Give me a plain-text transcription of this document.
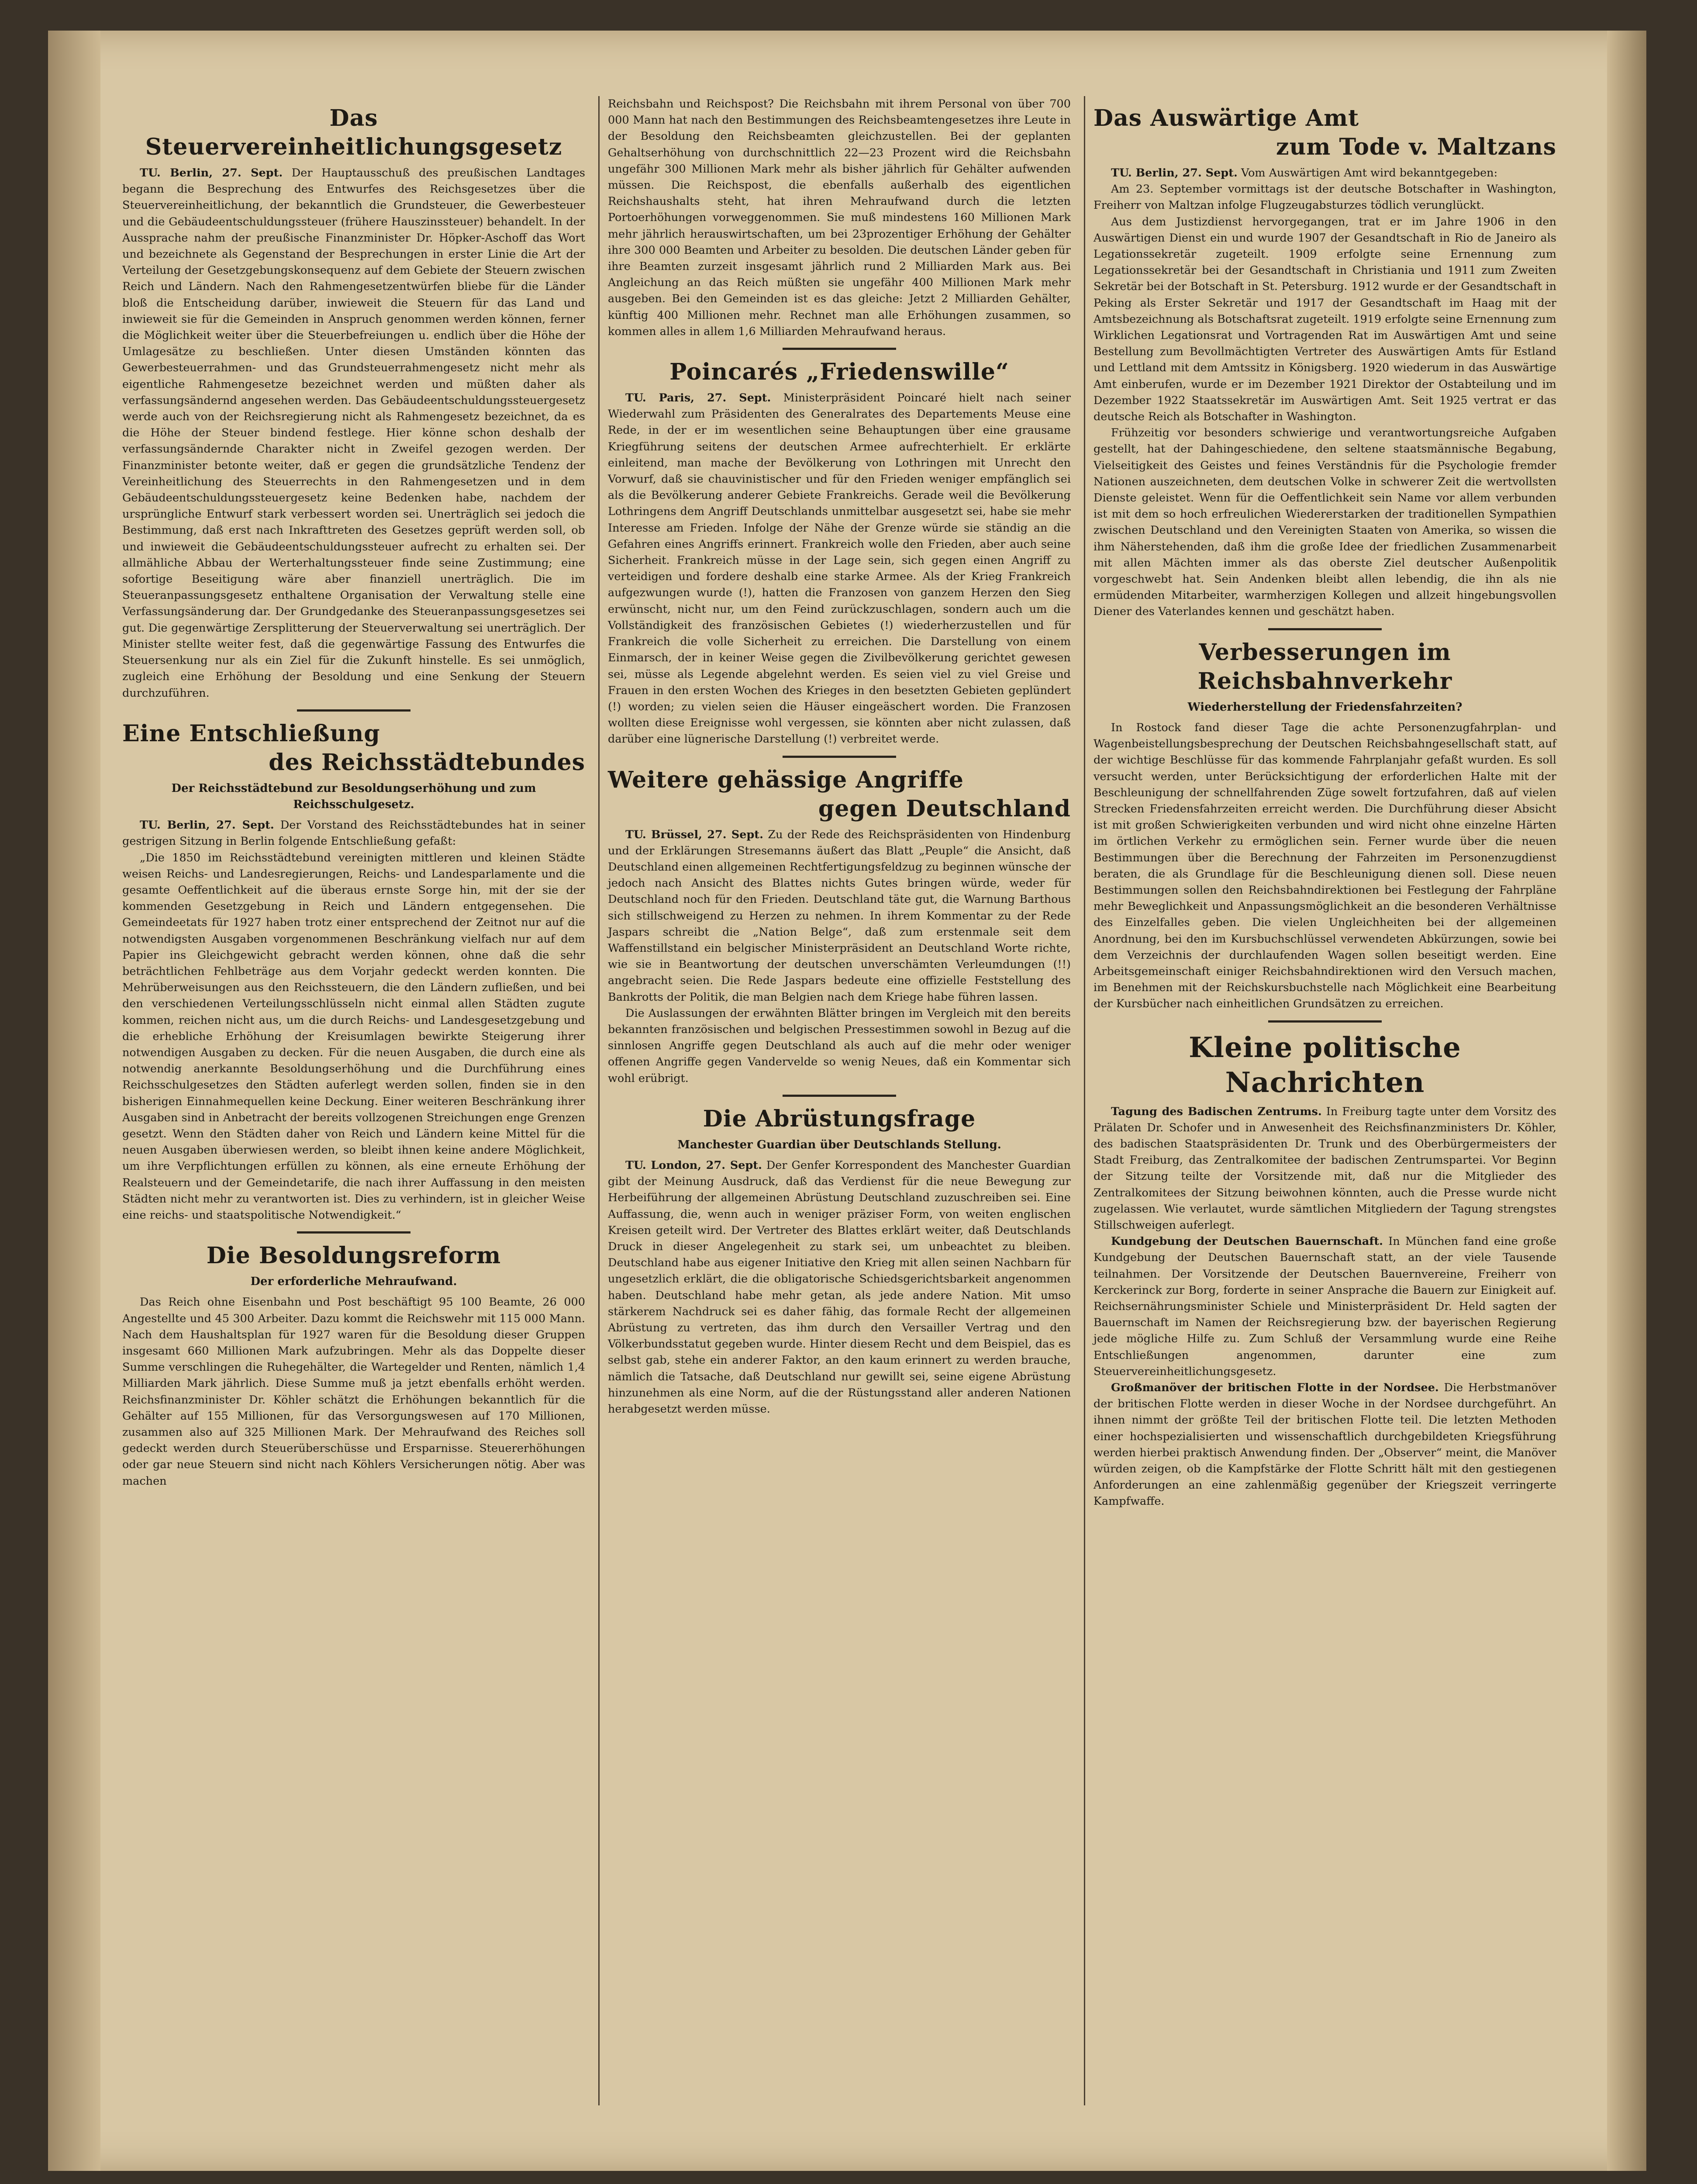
Das Steuervereinheitlichungsgesetz

TU. Berlin, 27. Sept. Der Hauptausschuß des preußischen Landtages begann die Besprechung des Entwurfes des Reichsgesetzes über die Steuervereinheitlichung, der bekanntlich die Grundsteuer, die Gewerbesteuer und die Gebäudeentschuldungssteuer (frühere Hauszinssteuer) behandelt. In der Aussprache nahm der preußische Finanzminister Dr. Höpker-Aschoff das Wort und bezeichnete als Gegenstand der Besprechungen in erster Linie die Art der Verteilung der Gesetzgebungskonsequenz auf dem Gebiete der Steuern zwischen Reich und Ländern. Nach den Rahmengesetzentwürfen bliebe für die Länder bloß die Entscheidung darüber, inwieweit die Steuern für das Land und inwieweit sie für die Gemeinden in Anspruch genommen werden können, ferner die Möglichkeit weiter über die Steuerbefreiungen u. endlich über die Höhe der Umlagesätze zu beschließen. Unter diesen Umständen könnten das Gewerbesteuerrahmen- und das Grundsteuerrahmengesetz nicht mehr als eigentliche Rahmengesetze bezeichnet werden und müßten daher als verfassungsändernd angesehen werden. Das Gebäudeentschuldungssteuergesetz werde auch von der Reichsregierung nicht als Rahmengesetz bezeichnet, da es die Höhe der Steuer bindend festlege. Hier könne schon deshalb der verfassungsändernde Charakter nicht in Zweifel gezogen werden. Der Finanzminister betonte weiter, daß er gegen die grundsätzliche Tendenz der Vereinheitlichung des Steuerrechts in den Rahmengesetzen und in dem Gebäudeentschuldungssteuergesetz keine Bedenken habe, nachdem der ursprüngliche Entwurf stark verbessert worden sei. Unerträglich sei jedoch die Bestimmung, daß erst nach Inkrafttreten des Gesetzes geprüft werden soll, ob und inwieweit die Gebäudeentschuldungssteuer aufrecht zu erhalten sei. Der allmähliche Abbau der Werterhaltungssteuer finde seine Zustimmung; eine sofortige Beseitigung wäre aber finanziell unerträglich. Die im Steueranpassungsgesetz enthaltene Organisation der Verwaltung stelle eine Verfassungsänderung dar. Der Grundgedanke des Steueranpassungsgesetzes sei gut. Die gegenwärtige Zersplitterung der Steuerverwaltung sei unerträglich. Der Minister stellte weiter fest, daß die gegenwärtige Fassung des Entwurfes die Steuersenkung nur als ein Ziel für die Zukunft hinstelle. Es sei unmöglich, zugleich eine Erhöhung der Besoldung und eine Senkung der Steuern durchzuführen.

Eine Entschließung
des Reichsstädtebundes
Der Reichsstädtebund zur Besoldungserhöhung und zum Reichsschulgesetz.

TU. Berlin, 27. Sept. Der Vorstand des Reichsstädtebundes hat in seiner gestrigen Sitzung in Berlin folgende Entschließung gefaßt:

„Die 1850 im Reichsstädtebund vereinigten mittleren und kleinen Städte weisen Reichs- und Landesregierungen, Reichs- und Landesparlamente und die gesamte Oeffentlichkeit auf die überaus ernste Sorge hin, mit der sie der kommenden Gesetzgebung in Reich und Ländern entgegensehen. Die Gemeindeetats für 1927 haben trotz einer entsprechend der Zeitnot nur auf die notwendigsten Ausgaben vorgenommenen Beschränkung vielfach nur auf dem Papier ins Gleichgewicht gebracht werden können, ohne daß die sehr beträchtlichen Fehlbeträge aus dem Vorjahr gedeckt werden konnten. Die Mehrüberweisungen aus den Reichssteuern, die den Ländern zufließen, und bei den verschiedenen Verteilungsschlüsseln nicht einmal allen Städten zugute kommen, reichen nicht aus, um die durch Reichs- und Landesgesetzgebung und die erhebliche Erhöhung der Kreisumlagen bewirkte Steigerung ihrer notwendigen Ausgaben zu decken. Für die neuen Ausgaben, die durch eine als notwendig anerkannte Besoldungserhöhung und die Durchführung eines Reichsschulgesetzes den Städten auferlegt werden sollen, finden sie in den bisherigen Einnahmequellen keine Deckung. Einer weiteren Beschränkung ihrer Ausgaben sind in Anbetracht der bereits vollzogenen Streichungen enge Grenzen gesetzt. Wenn den Städten daher von Reich und Ländern keine Mittel für die neuen Ausgaben überwiesen werden, so bleibt ihnen keine andere Möglichkeit, um ihre Verpflichtungen erfüllen zu können, als eine erneute Erhöhung der Realsteuern und der Gemeindetarife, die nach ihrer Auffassung in den meisten Städten nicht mehr zu verantworten ist. Dies zu verhindern, ist in gleicher Weise eine reichs- und staatspolitische Notwendigkeit.“

Die Besoldungsreform
Der erforderliche Mehraufwand.

Das Reich ohne Eisenbahn und Post beschäftigt 95 100 Beamte, 26 000 Angestellte und 45 300 Arbeiter. Dazu kommt die Reichswehr mit 115 000 Mann. Nach dem Haushaltsplan für 1927 waren für die Besoldung dieser Gruppen insgesamt 660 Millionen Mark aufzubringen. Mehr als das Doppelte dieser Summe verschlingen die Ruhegehälter, die Wartegelder und Renten, nämlich 1,4 Milliarden Mark jährlich. Diese Summe muß ja jetzt ebenfalls erhöht werden. Reichsfinanzminister Dr. Köhler schätzt die Erhöhungen bekanntlich für die Gehälter auf 155 Millionen, für das Versorgungswesen auf 170 Millionen, zusammen also auf 325 Millionen Mark. Der Mehraufwand des Reiches soll gedeckt werden durch Steuerüberschüsse und Ersparnisse. Steuererhöhungen oder gar neue Steuern sind nicht nach Köhlers Versicherungen nötig. Aber was machen

Reichsbahn und Reichspost? Die Reichsbahn mit ihrem Personal von über 700 000 Mann hat nach den Bestimmungen des Reichsbeamtengesetzes ihre Leute in der Besoldung den Reichsbeamten gleichzustellen. Bei der geplanten Gehaltserhöhung von durchschnittlich 22—23 Prozent wird die Reichsbahn ungefähr 300 Millionen Mark mehr als bisher jährlich für Gehälter aufwenden müssen. Die Reichspost, die ebenfalls außerhalb des eigentlichen Reichshaushalts steht, hat ihren Mehraufwand durch die letzten Portoerhöhungen vorweggenommen. Sie muß mindestens 160 Millionen Mark mehr jährlich herauswirtschaften, um bei 23prozentiger Erhöhung der Gehälter ihre 300 000 Beamten und Arbeiter zu besolden. Die deutschen Länder geben für ihre Beamten zurzeit insgesamt jährlich rund 2 Milliarden Mark aus. Bei Angleichung an das Reich müßten sie ungefähr 400 Millionen Mark mehr ausgeben. Bei den Gemeinden ist es das gleiche: Jetzt 2 Milliarden Gehälter, künftig 400 Millionen mehr. Rechnet man alle Erhöhungen zusammen, so kommen alles in allem 1,6 Milliarden Mehraufwand heraus.

Poincarés „Friedenswille“

TU. Paris, 27. Sept. Ministerpräsident Poincaré hielt nach seiner Wiederwahl zum Präsidenten des Generalrates des Departements Meuse eine Rede, in der er im wesentlichen seine Behauptungen über eine grausame Kriegführung seitens der deutschen Armee aufrechterhielt. Er erklärte einleitend, man mache der Bevölkerung von Lothringen mit Unrecht den Vorwurf, daß sie chauvinistischer und für den Frieden weniger empfänglich sei als die Bevölkerung anderer Gebiete Frankreichs. Gerade weil die Bevölkerung Lothringens dem Angriff Deutschlands unmittelbar ausgesetzt sei, habe sie mehr Interesse am Frieden. Infolge der Nähe der Grenze würde sie ständig an die Gefahren eines Angriffs erinnert. Frankreich wolle den Frieden, aber auch seine Sicherheit. Frankreich müsse in der Lage sein, sich gegen einen Angriff zu verteidigen und fordere deshalb eine starke Armee. Als der Krieg Frankreich aufgezwungen wurde (!), hatten die Franzosen von ganzem Herzen den Sieg erwünscht, nicht nur, um den Feind zurückzuschlagen, sondern auch um die Vollständigkeit des französischen Gebietes (!) wiederherzustellen und für Frankreich die volle Sicherheit zu erreichen. Die Darstellung von einem Einmarsch, der in keiner Weise gegen die Zivilbevölkerung gerichtet gewesen sei, müsse als Legende abgelehnt werden. Es seien viel zu viel Greise und Frauen in den ersten Wochen des Krieges in den besetzten Gebieten geplündert (!) worden; zu vielen seien die Häuser eingeäschert worden. Die Franzosen wollten diese Ereignisse wohl vergessen, sie könnten aber nicht zulassen, daß darüber eine lügnerische Darstellung (!) verbreitet werde.

Weitere gehässige Angriffe
gegen Deutschland

TU. Brüssel, 27. Sept. Zu der Rede des Reichspräsidenten von Hindenburg und der Erklärungen Stresemanns äußert das Blatt „Peuple“ die Ansicht, daß Deutschland einen allgemeinen Rechtfertigungsfeldzug zu beginnen wünsche der jedoch nach Ansicht des Blattes nichts Gutes bringen würde, weder für Deutschland noch für den Frieden. Deutschland täte gut, die Warnung Barthous sich stillschweigend zu Herzen zu nehmen. In ihrem Kommentar zu der Rede Jaspars schreibt die „Nation Belge“, daß zum erstenmale seit dem Waffenstillstand ein belgischer Ministerpräsident an Deutschland Worte richte, wie sie in Beantwortung der deutschen unverschämten Verleumdungen (!!) angebracht seien. Die Rede Jaspars bedeute eine offizielle Feststellung des Bankrotts der Politik, die man Belgien nach dem Kriege habe führen lassen.

Die Auslassungen der erwähnten Blätter bringen im Vergleich mit den bereits bekannten französischen und belgischen Pressestimmen sowohl in Bezug auf die sinnlosen Angriffe gegen Deutschland als auch auf die mehr oder weniger offenen Angriffe gegen Vandervelde so wenig Neues, daß ein Kommentar sich wohl erübrigt.

Die Abrüstungsfrage
Manchester Guardian über Deutschlands Stellung.

TU. London, 27. Sept. Der Genfer Korrespondent des Manchester Guardian gibt der Meinung Ausdruck, daß das Verdienst für die neue Bewegung zur Herbeiführung der allgemeinen Abrüstung Deutschland zuzuschreiben sei. Eine Auffassung, die, wenn auch in weniger präziser Form, von weiten englischen Kreisen geteilt wird. Der Vertreter des Blattes erklärt weiter, daß Deutschlands Druck in dieser Angelegenheit zu stark sei, um unbeachtet zu bleiben. Deutschland habe aus eigener Initiative den Krieg mit allen seinen Nachbarn für ungesetzlich erklärt, die die obligatorische Schiedsgerichtsbarkeit angenommen haben. Deutschland habe mehr getan, als jede andere Nation. Mit umso stärkerem Nachdruck sei es daher fähig, das formale Recht der allgemeinen Abrüstung zu vertreten, das ihm durch den Versailler Vertrag und den Völkerbundsstatut gegeben wurde. Hinter diesem Recht und dem Beispiel, das es selbst gab, stehe ein anderer Faktor, an den kaum erinnert zu werden brauche, nämlich die Tatsache, daß Deutschland nur gewillt sei, seine eigene Abrüstung hinzunehmen als eine Norm, auf die der Rüstungsstand aller anderen Nationen herabgesetzt werden müsse.

Das Auswärtige Amt
zum Tode v. Maltzans

TU. Berlin, 27. Sept. Vom Auswärtigen Amt wird bekanntgegeben:

Am 23. September vormittags ist der deutsche Botschafter in Washington, Freiherr von Maltzan infolge Flugzeugabsturzes tödlich verunglückt.

Aus dem Justizdienst hervorgegangen, trat er im Jahre 1906 in den Auswärtigen Dienst ein und wurde 1907 der Gesandtschaft in Rio de Janeiro als Legationssekretär zugeteilt. 1909 erfolgte seine Ernennung zum Legationssekretär bei der Gesandtschaft in Christiania und 1911 zum Zweiten Sekretär bei der Botschaft in St. Petersburg. 1912 wurde er der Gesandtschaft in Peking als Erster Sekretär und 1917 der Gesandtschaft im Haag mit der Amtsbezeichnung als Botschaftsrat zugeteilt. 1919 erfolgte seine Ernennung zum Wirklichen Legationsrat und Vortragenden Rat im Auswärtigen Amt und seine Bestellung zum Bevollmächtigten Vertreter des Auswärtigen Amts für Estland und Lettland mit dem Amtssitz in Königsberg. 1920 wiederum in das Auswärtige Amt einberufen, wurde er im Dezember 1921 Direktor der Ostabteilung und im Dezember 1922 Staatssekretär im Auswärtigen Amt. Seit 1925 vertrat er das deutsche Reich als Botschafter in Washington.

Frühzeitig vor besonders schwierige und verantwortungsreiche Aufgaben gestellt, hat der Dahingeschiedene, den seltene staatsmännische Begabung, Vielseitigkeit des Geistes und feines Verständnis für die Psychologie fremder Nationen auszeichneten, dem deutschen Volke in schwerer Zeit die wertvollsten Dienste geleistet. Wenn für die Oeffentlichkeit sein Name vor allem verbunden ist mit dem so hoch erfreulichen Wiedererstarken der traditionellen Sympathien zwischen Deutschland und den Vereinigten Staaten von Amerika, so wissen die ihm Näherstehenden, daß ihm die große Idee der friedlichen Zusammenarbeit mit allen Mächten immer als das oberste Ziel deutscher Außenpolitik vorgeschwebt hat. Sein Andenken bleibt allen lebendig, die ihn als nie ermüdenden Mitarbeiter, warmherzigen Kollegen und allzeit hingebungsvollen Diener des Vaterlandes kennen und geschätzt haben.

Verbesserungen im Reichsbahnverkehr
Wiederherstellung der Friedensfahrzeiten?

In Rostock fand dieser Tage die achte Personenzugfahrplan- und Wagenbeistellungsbesprechung der Deutschen Reichsbahngesellschaft statt, auf der wichtige Beschlüsse für das kommende Fahrplanjahr gefaßt wurden. Es soll versucht werden, unter Berücksichtigung der erforderlichen Halte mit der Beschleunigung der schnellfahrenden Züge sowelt fortzufahren, daß auf vielen Strecken Friedensfahrzeiten erreicht werden. Die Durchführung dieser Absicht ist mit großen Schwierigkeiten verbunden und wird nicht ohne einzelne Härten im örtlichen Verkehr zu ermöglichen sein. Ferner wurde über die neuen Bestimmungen über die Berechnung der Fahrzeiten im Personenzugdienst beraten, die als Grundlage für die Beschleunigung dienen soll. Diese neuen Bestimmungen sollen den Reichsbahndirektionen bei Festlegung der Fahrpläne mehr Beweglichkeit und Anpassungsmöglichkeit an die besonderen Verhältnisse des Einzelfalles geben. Die vielen Ungleichheiten bei der allgemeinen Anordnung, bei den im Kursbuchschlüssel verwendeten Abkürzungen, sowie bei dem Verzeichnis der durchlaufenden Wagen sollen beseitigt werden. Eine Arbeitsgemeinschaft einiger Reichsbahndirektionen wird den Versuch machen, im Benehmen mit der Reichskursbuchstelle nach Möglichkeit eine Bearbeitung der Kursbücher nach einheitlichen Grundsätzen zu erreichen.

Kleine politische Nachrichten

Tagung des Badischen Zentrums. In Freiburg tagte unter dem Vorsitz des Prälaten Dr. Schofer und in Anwesenheit des Reichsfinanzministers Dr. Köhler, des badischen Staatspräsidenten Dr. Trunk und des Oberbürgermeisters der Stadt Freiburg, das Zentralkomitee der badischen Zentrumspartei. Vor Beginn der Sitzung teilte der Vorsitzende mit, daß nur die Mitglieder des Zentralkomitees der Sitzung beiwohnen könnten, auch die Presse wurde nicht zugelassen. Wie verlautet, wurde sämtlichen Mitgliedern der Tagung strengstes Stillschweigen auferlegt.

Kundgebung der Deutschen Bauernschaft. In München fand eine große Kundgebung der Deutschen Bauernschaft statt, an der viele Tausende teilnahmen. Der Vorsitzende der Deutschen Bauernvereine, Freiherr von Kerckerinck zur Borg, forderte in seiner Ansprache die Bauern zur Einigkeit auf. Reichsernährungsminister Schiele und Ministerpräsident Dr. Held sagten der Bauernschaft im Namen der Reichsregierung bzw. der bayerischen Regierung jede mögliche Hilfe zu. Zum Schluß der Versammlung wurde eine Reihe Entschließungen angenommen, darunter eine zum Steuervereinheitlichungsgesetz.

Großmanöver der britischen Flotte in der Nordsee. Die Herbstmanöver der britischen Flotte werden in dieser Woche in der Nordsee durchgeführt. An ihnen nimmt der größte Teil der britischen Flotte teil. Die letzten Methoden einer hochspezialisierten und wissenschaftlich durchgebildeten Kriegsführung werden hierbei praktisch Anwendung finden. Der „Observer“ meint, die Manöver würden zeigen, ob die Kampfstärke der Flotte Schritt hält mit den gestiegenen Anforderungen an eine zahlenmäßig gegenüber der Kriegszeit verringerte Kampfwaffe.
